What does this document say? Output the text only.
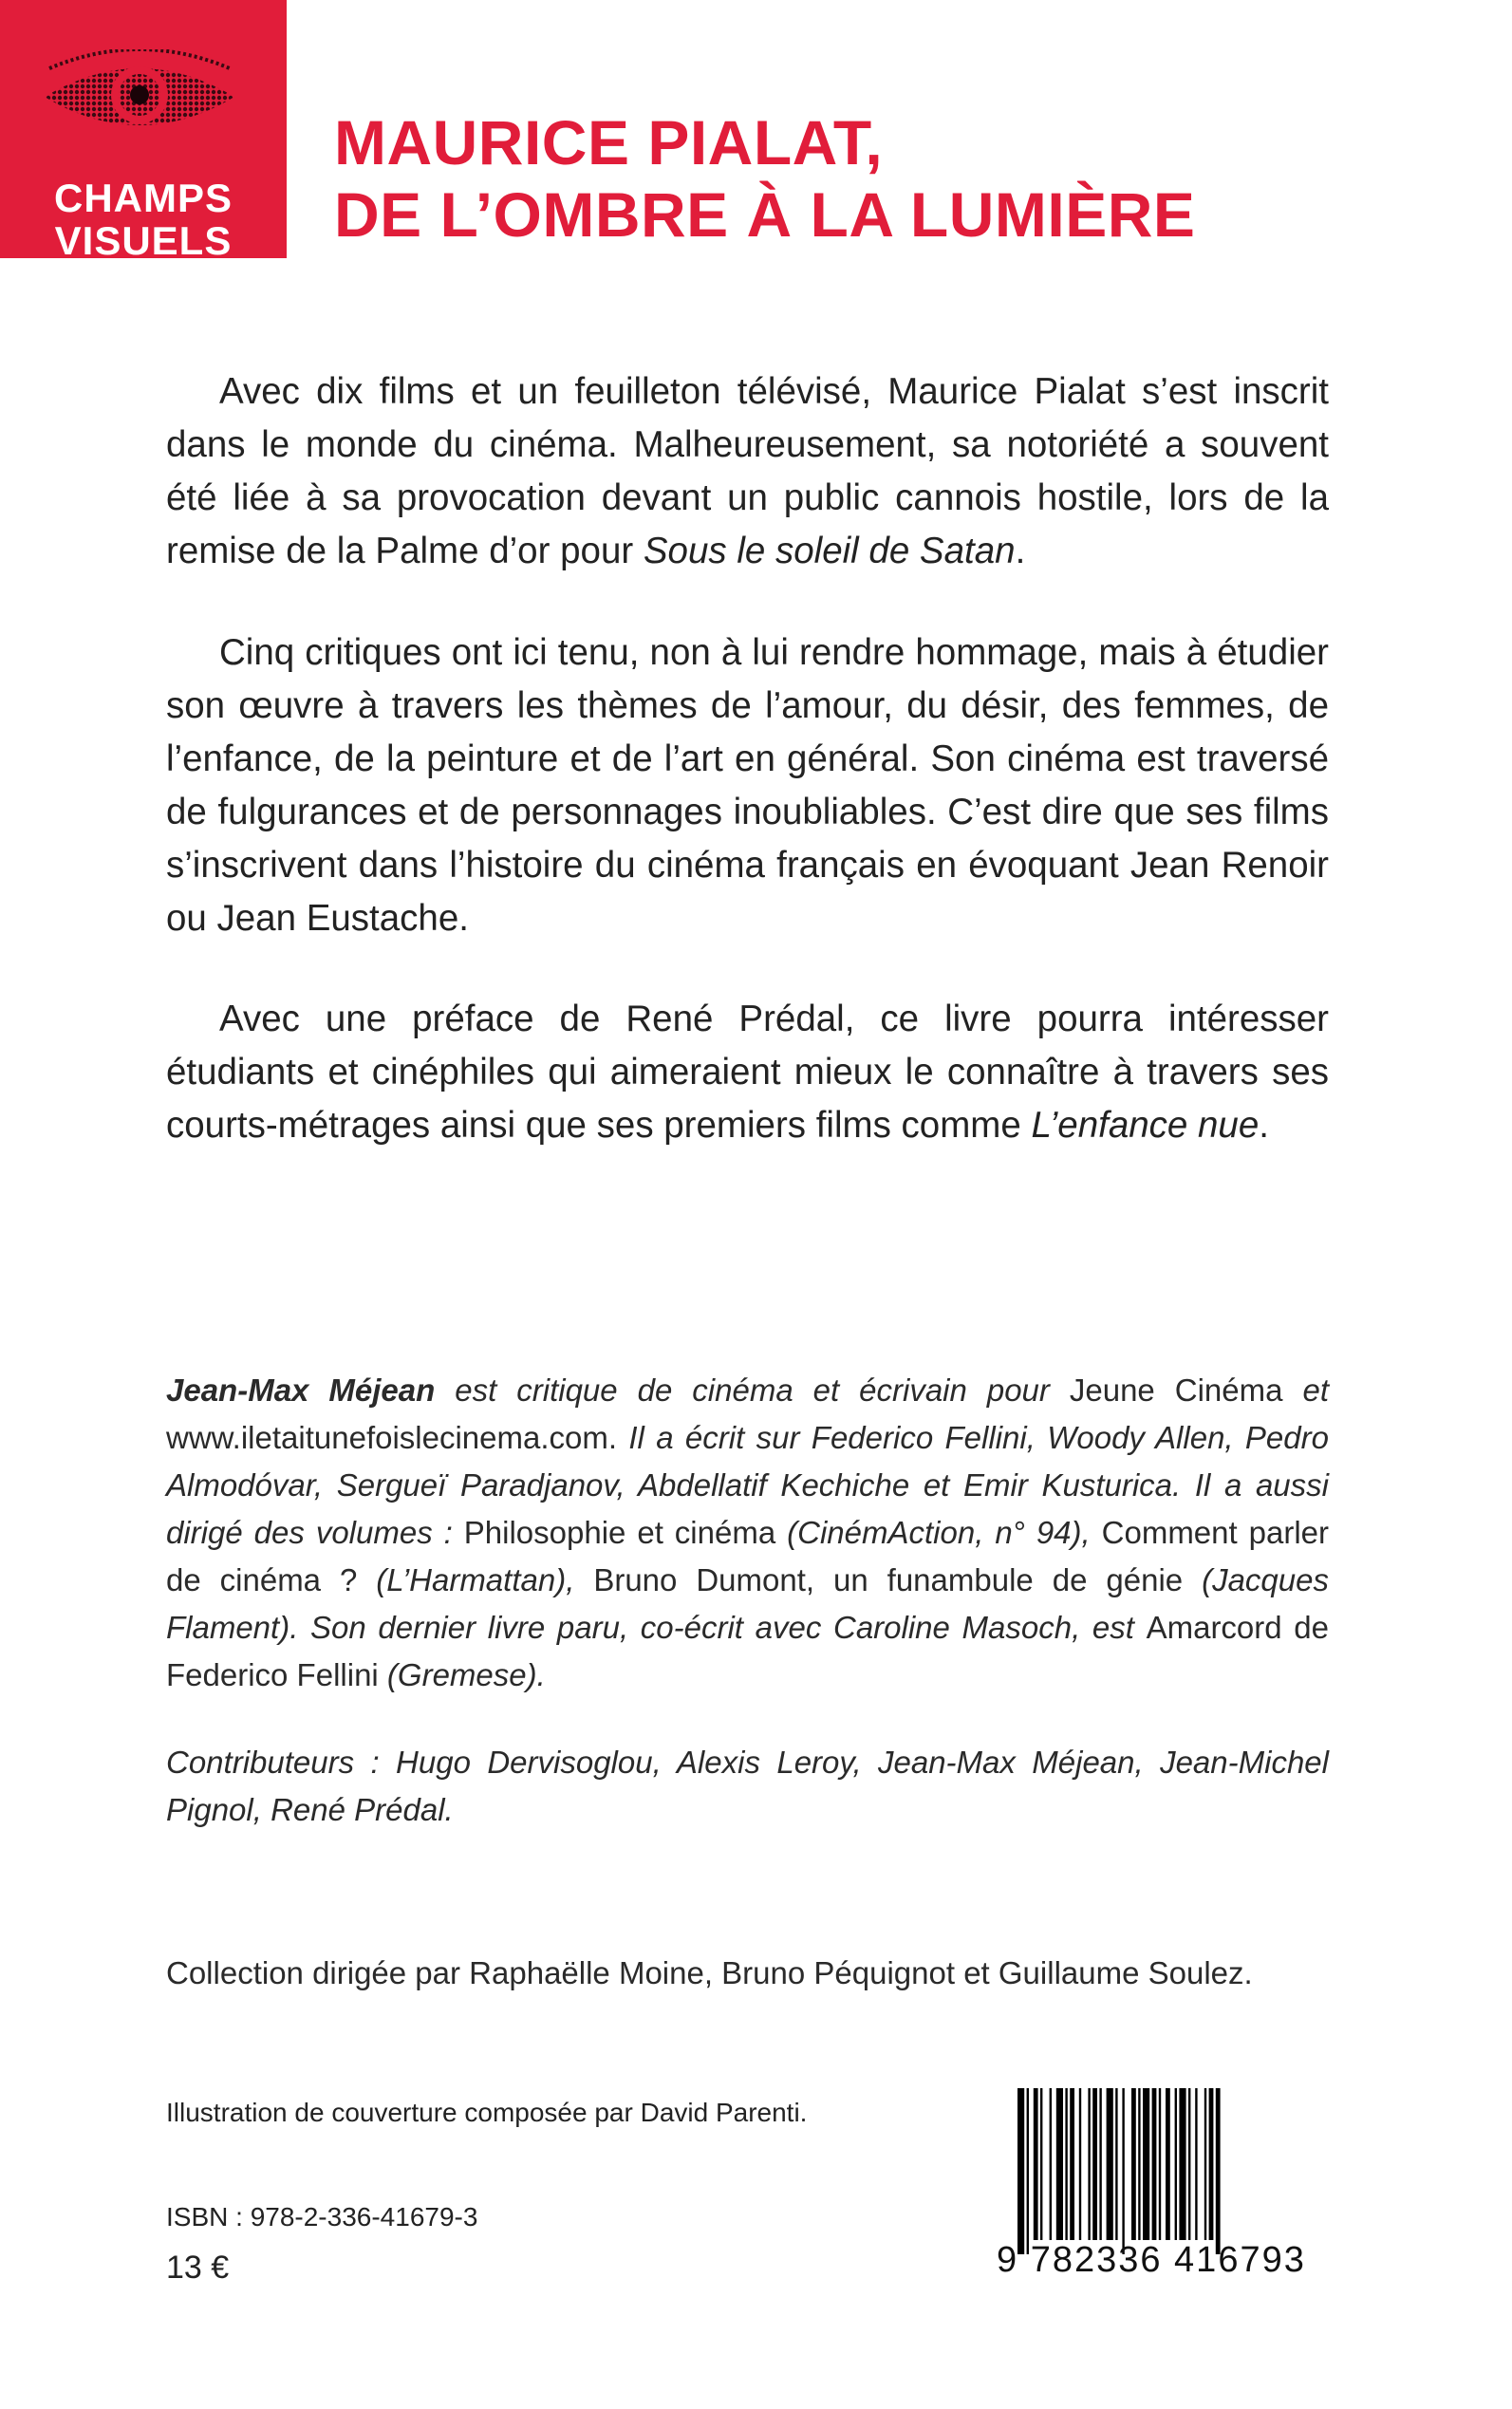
CHAMPS
VISUELS
MAURICE PIALAT,
DE L’OMBRE À LA LUMIÈRE

Avec dix films et un feuilleton télévisé, Maurice Pialat s’est inscrit dans le monde du cinéma. Malheureusement, sa notoriété a souvent été liée à sa provocation devant un public cannois hostile, lors de la remise de la Palme d’or pour Sous le soleil de Satan.

Cinq critiques ont ici tenu, non à lui rendre hommage, mais à étudier son œuvre à travers les thèmes de l’amour, du désir, des femmes, de l’enfance, de la peinture et de l’art en général. Son cinéma est traversé de fulgurances et de personnages inoubliables. C’est dire que ses films s’inscrivent dans l’histoire du cinéma français en évoquant Jean Renoir ou Jean Eustache.

Avec une préface de René Prédal, ce livre pourra intéresser étudiants et cinéphiles qui aimeraient mieux le connaître à travers ses courts-métrages ainsi que ses premiers films comme L’enfance nue.

Jean-Max Méjean est critique de cinéma et écrivain pour Jeune Cinéma et www.iletaitunefoislecinema.com. Il a écrit sur Federico Fellini, Woody Allen, Pedro Almodóvar, Sergueï Paradjanov, Abdellatif Kechiche et Emir Kusturica. Il a aussi dirigé des volumes : Philosophie et cinéma (CinémAction, n° 94), Comment parler de cinéma ? (L’Harmattan), Bruno Dumont, un funambule de génie (Jacques Flament). Son dernier livre paru, co-écrit avec Caroline Masoch, est Amarcord de Federico Fellini (Gremese).
Contributeurs : Hugo Dervisoglou, Alexis Leroy, Jean-Max Méjean, Jean-Michel Pignol, René Prédal.
Collection dirigée par Raphaëlle Moine, Bruno Péquignot et Guillaume Soulez.
Illustration de couverture composée par David Parenti.
ISBN : 978-2-336-41679-3
13 €	9 782336 416793
